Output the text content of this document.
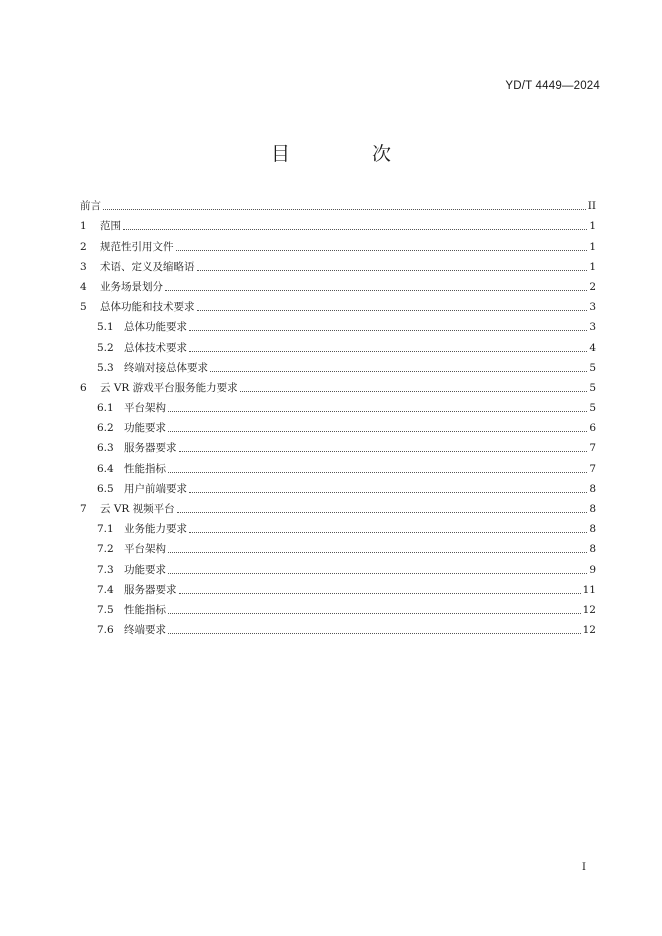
YD/T 4449—2024
目 次
前言	II
1	范围	1
2	规范性引用文件	1
3	术语、定义及缩略语	1
4	业务场景划分	2
5	总体功能和技术要求	3
5.1 总体功能要求	3
5.2 总体技术要求	4
5.3 终端对接总体要求	5
6	云 VR 游戏平台服务能力要求	5
6.1 平台架构	5
6.2 功能要求	6
6.3 服务器要求	7
6.4 性能指标	7
6.5 用户前端要求	8
7	云 VR 视频平台	8
7.1 业务能力要求	8
7.2 平台架构	8
7.3 功能要求	9
7.4 服务器要求	11
7.5 性能指标	12
7.6 终端要求	12
I
